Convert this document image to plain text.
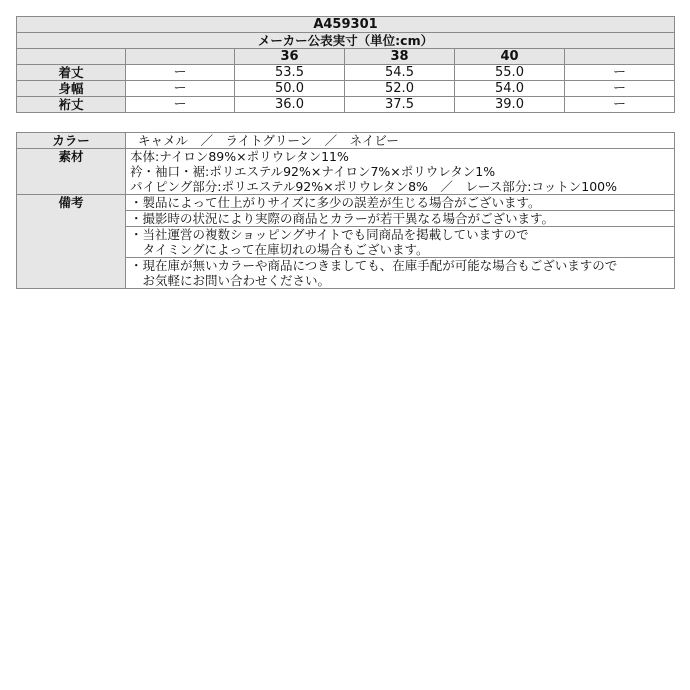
A459301					
メーカー公表実寸（単位:cm）					
		36	38	40	
着丈	ー	53.5	54.5	55.0	ー
身幅	ー	50.0	52.0	54.0	ー
裄丈	ー	36.0	37.5	39.0	ー
カラー	キャメル　／　ライトグリーン　／　ネイビー
素材	本体:ナイロン89%×ポリウレタン11%
衿・袖口・裾:ポリエステル92%×ナイロン7%×ポリウレタン1%
パイピング部分:ポリエステル92%×ポリウレタン8%　／　レース部分:コットン100%

備考	・製品によって仕上がりサイズに多少の誤差が生じる場合がございます。

	・撮影時の状況により実際の商品とカラーが若干異なる場合がございます。

	・当社運営の複数ショッピングサイトでも同商品を掲載していますので
　タイミングによって在庫切れの場合もございます。

	・現在庫が無いカラーや商品につきましても、在庫手配が可能な場合もございますので
　お気軽にお問い合わせください。
